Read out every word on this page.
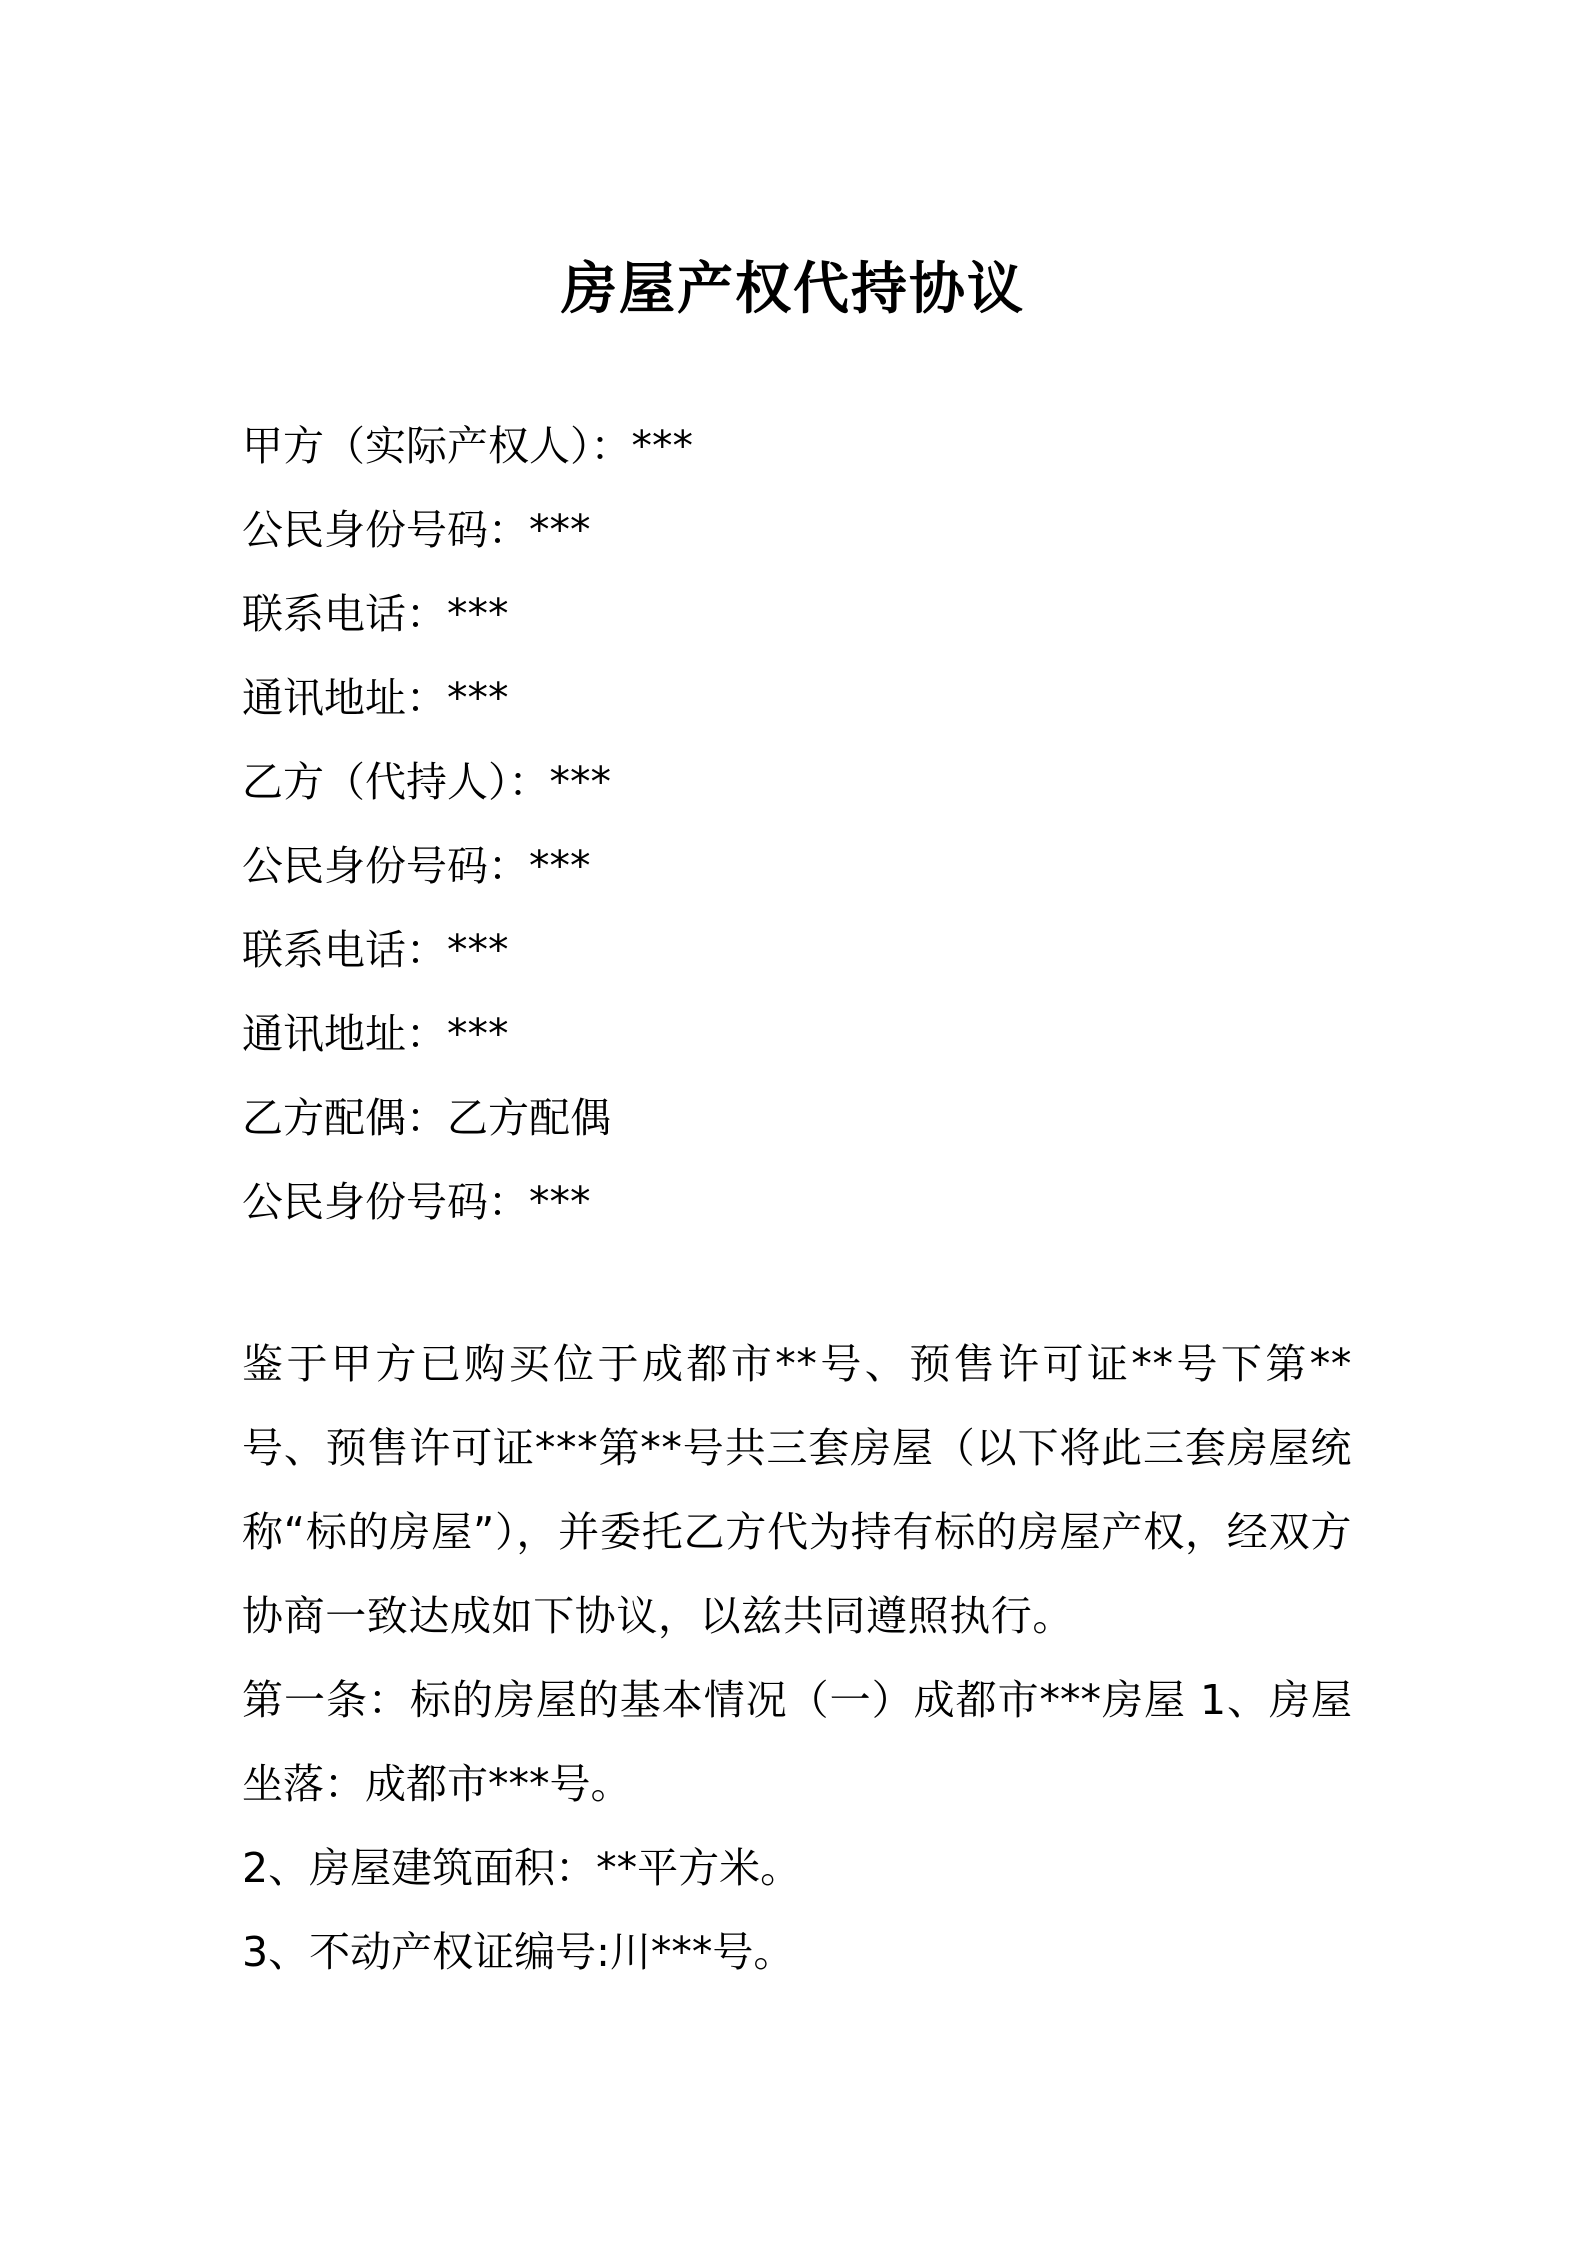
房屋产权代持协议
甲方（实际产权人）：***
公民身份号码：***
联系电话：***
通讯地址：***
乙方（代持人）：***
公民身份号码：***
联系电话：***
通讯地址：***
乙方配偶：乙方配偶
公民身份号码：***

鉴于甲方已购买位于成都市**号、预售许可证**号下第**号、预售许可证***第**号共三套房屋（以下将此三套房屋统称“标的房屋”），并委托乙方代为持有标的房屋产权，经双方协商一致达成如下协议，以兹共同遵照执行。

第一条：标的房屋的基本情况（一）成都市***房屋 1、房屋坐落：成都市***号。

2、房屋建筑面积：**平方米。

3、不动产权证编号:川***号。
